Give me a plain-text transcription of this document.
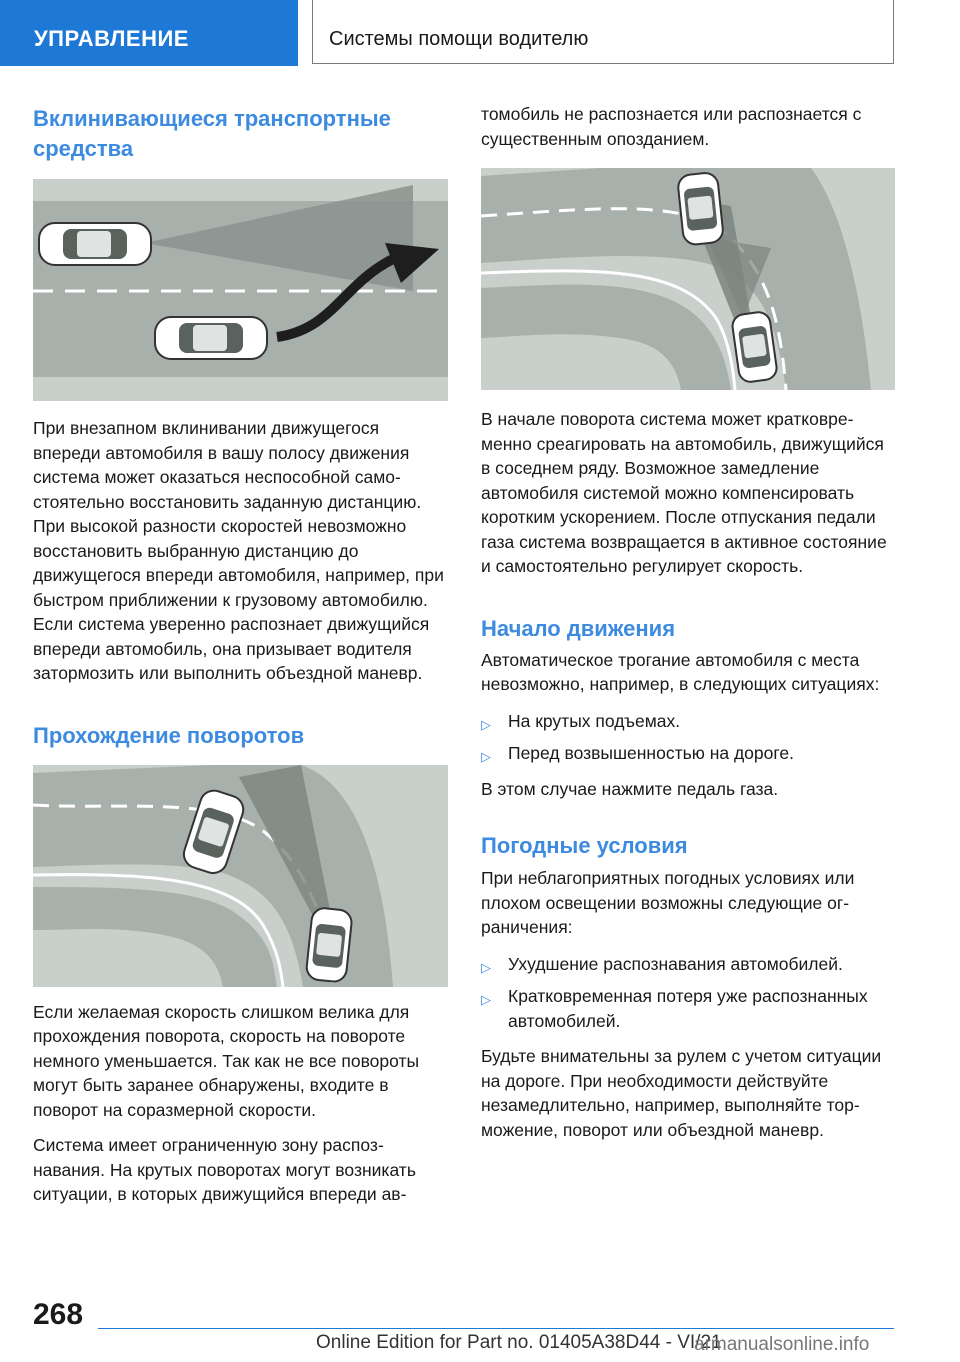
УПРАВЛЕНИЕ	Системы помощи водителю
Вклинивающиеся транспортные средства

При внезапном вклинивании движущегося впереди автомобиля в вашу полосу движения система может оказаться неспособной самостоятельно восстановить заданную дистанцию. При высокой разности скоростей невозможно восстановить выбранную дистанцию до движущегося впереди автомобиля, например, при быстром приближении к грузовому автомобилю. Если система уверенно распознает движущийся впереди автомобиль, она призывает водителя затормозить или выполнить объездной маневр.

Прохождение поворотов

Если желаемая скорость слишком велика для прохождения поворота, скорость на повороте немного уменьшается. Так как не все повороты могут быть заранее обнаружены, входите в поворот на соразмерной скорости.

Система имеет ограниченную зону распознавания. На крутых поворотах могут возникать ситуации, в которых движущийся впереди ав-

томобиль не распознается или распознается с существенным опозданием.

В начале поворота система может кратковременно среагировать на автомобиль, движущийся в соседнем ряду. Возможное замедление автомобиля системой можно компенсировать коротким ускорением. После отпускания педали газа система возвращается в активное состояние и самостоятельно регулирует скорость.

Начало движения

Автоматическое трогание автомобиля с места невозможно, например, в следующих ситуациях:

▷ На крутых подъемах.
▷ Перед возвышенностью на дороге.

В этом случае нажмите педаль газа.

Погодные условия

При неблагоприятных погодных условиях или плохом освещении возможны следующие ограничения:

▷ Ухудшение распознавания автомобилей.
▷ Кратковременная потеря уже распознанных автомобилей.

Будьте внимательны за рулем с учетом ситуации на дороге. При необходимости действуйте незамедлительно, например, выполняйте торможение, поворот или объездной маневр.

268
Online Edition for Part no. 01405A38D44 - VI/21
armanualsonline.info
